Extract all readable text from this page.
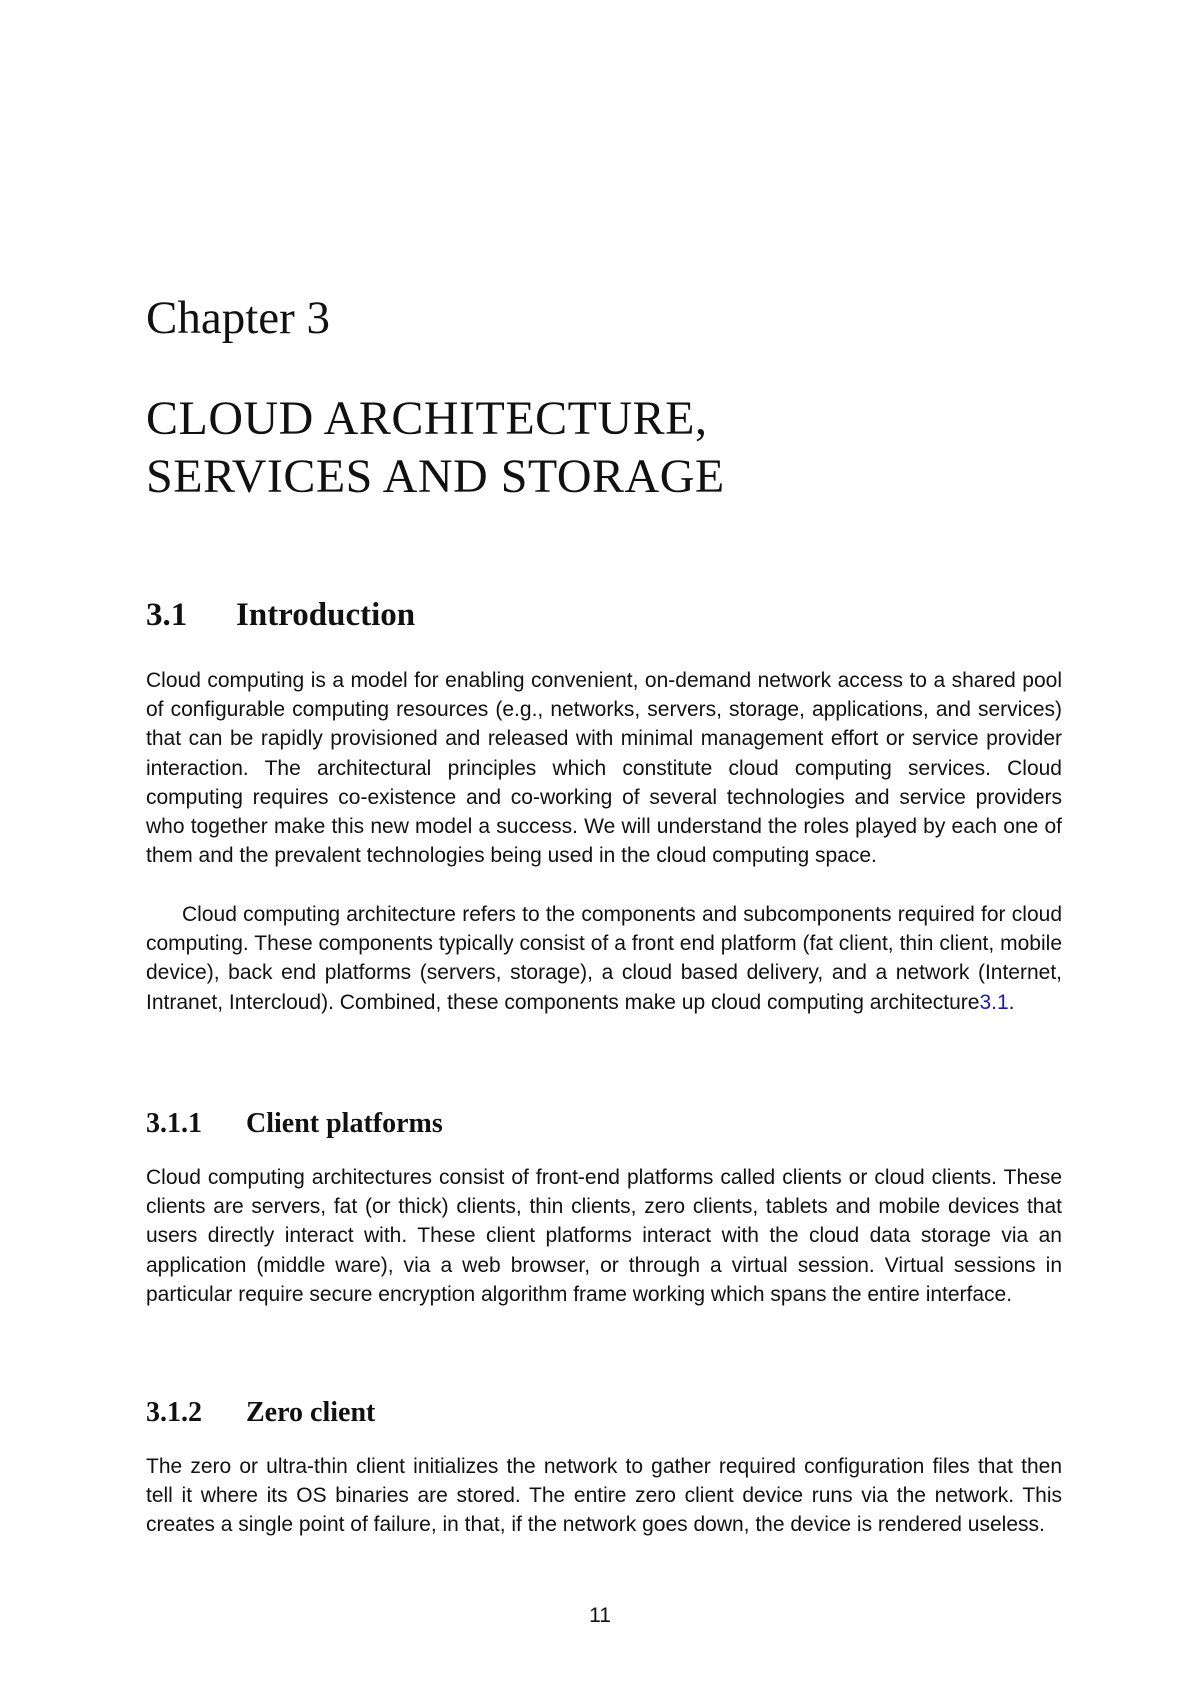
Chapter 3
CLOUD ARCHITECTURE,
SERVICES AND STORAGE
3.1 Introduction

Cloud computing is a model for enabling convenient, on-demand network access to a shared pool of configurable computing resources (e.g., networks, servers, storage, applications, and services) that can be rapidly provisioned and released with minimal management effort or service provider interaction. The architectural principles which constitute cloud computing services. Cloud computing requires co-existence and co-working of several technologies and service providers who together make this new model a success. We will understand the roles played by each one of them and the prevalent technologies being used in the cloud computing space.

Cloud computing architecture refers to the components and subcomponents required for cloud computing. These components typically consist of a front end platform (fat client, thin client, mobile device), back end platforms (servers, storage), a cloud based delivery, and a network (Internet, Intranet, Intercloud). Combined, these components make up cloud computing architecture3.1.

3.1.1 Client platforms

Cloud computing architectures consist of front-end platforms called clients or cloud clients. These clients are servers, fat (or thick) clients, thin clients, zero clients, tablets and mobile devices that users directly interact with. These client platforms interact with the cloud data storage via an application (middle ware), via a web browser, or through a virtual session. Virtual sessions in particular require secure encryption algorithm frame working which spans the entire interface.

3.1.2 Zero client

The zero or ultra-thin client initializes the network to gather required configuration files that then tell it where its OS binaries are stored. The entire zero client device runs via the network. This creates a single point of failure, in that, if the network goes down, the device is rendered useless.

11
